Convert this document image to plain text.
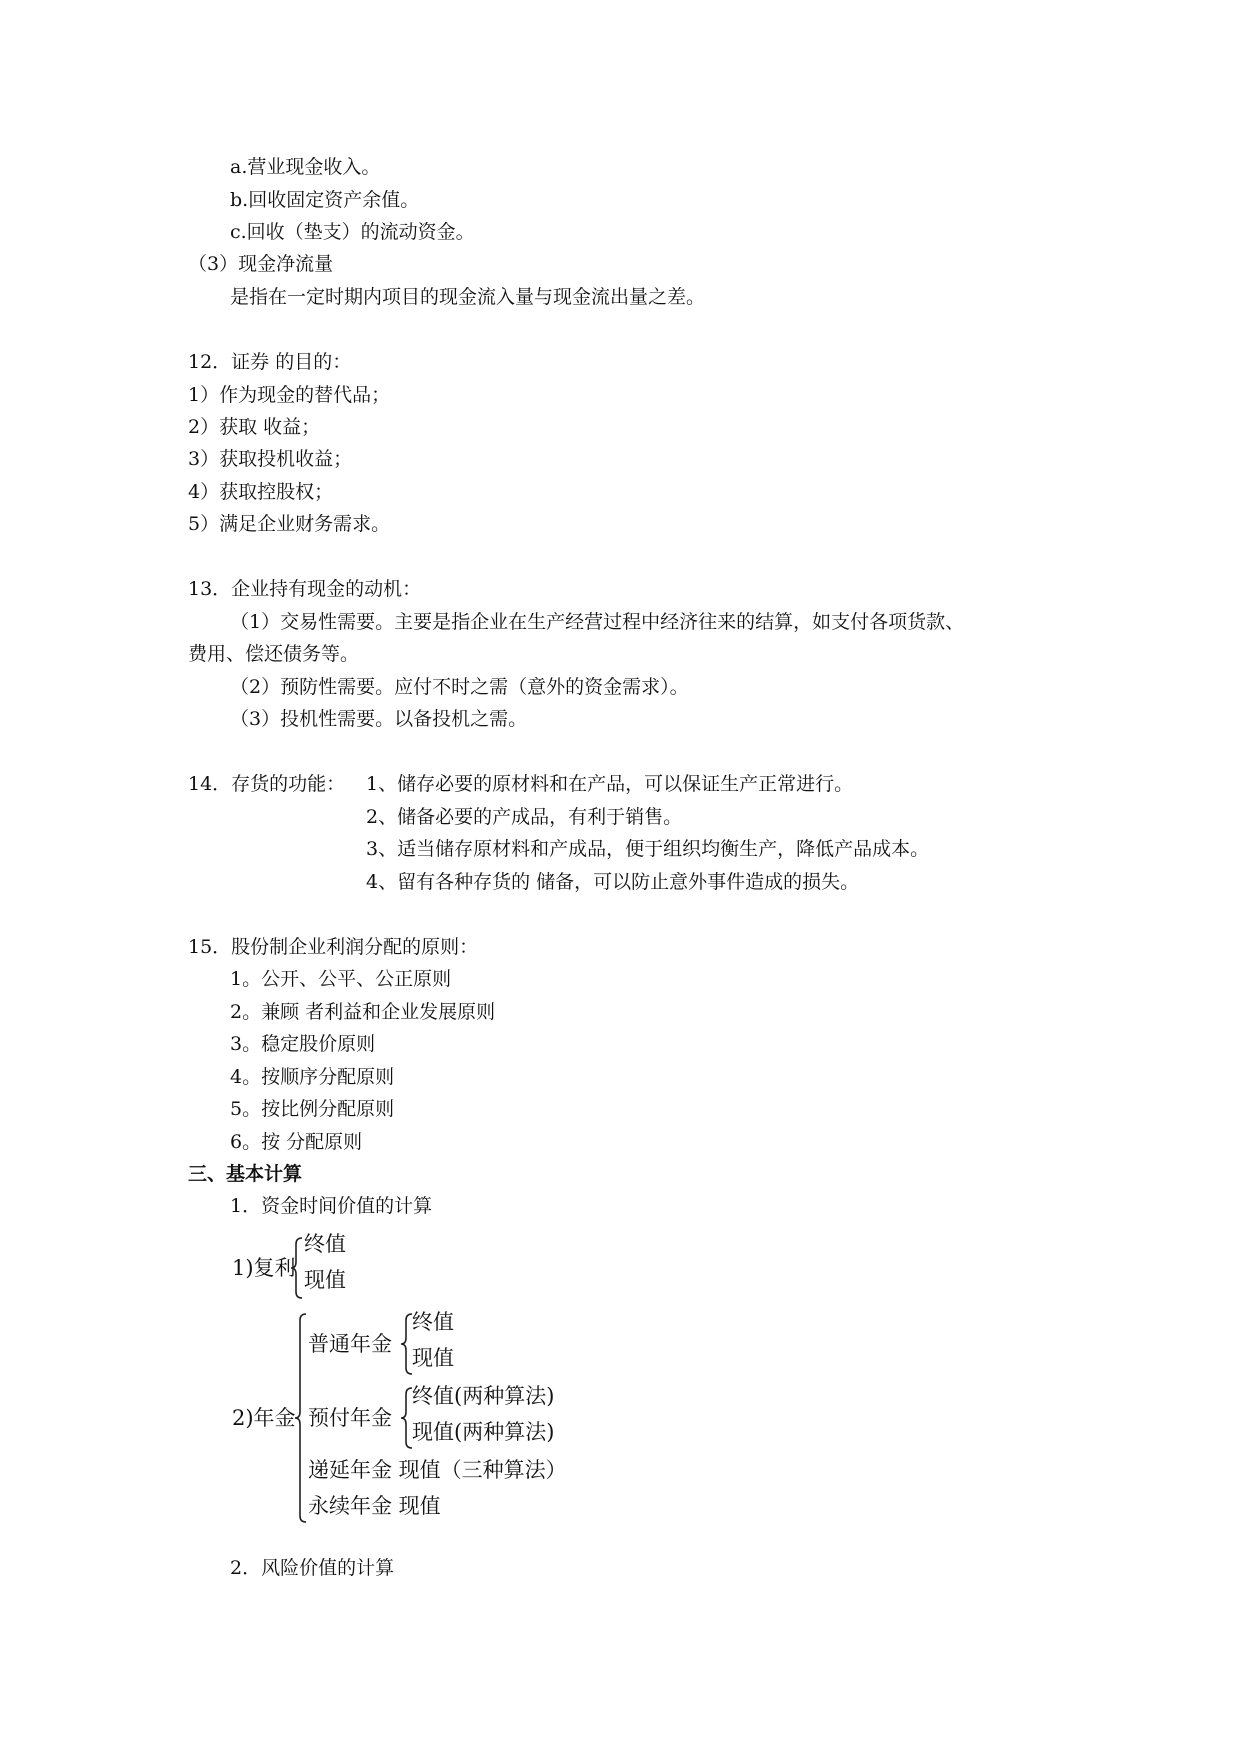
a.营业现金收入。
b.回收固定资产余值。
c.回收（垫支）的流动资金。
（3）现金净流量
是指在一定时期内项目的现金流入量与现金流出量之差。
12．证券 的目的：
1）作为现金的替代品；
2）获取 收益；
3）获取投机收益；
4）获取控股权；
5）满足企业财务需求。
13．企业持有现金的动机：
（1）交易性需要。主要是指企业在生产经营过程中经济往来的结算，如支付各项货款、
费用、偿还债务等。
（2）预防性需要。应付不时之需（意外的资金需求）。
（3）投机性需要。以备投机之需。
14．存货的功能： 1、储存必要的原材料和在产品，可以保证生产正常进行。
2、储备必要的产成品，有利于销售。
3、适当储存原材料和产成品，便于组织均衡生产，降低产品成本。
4、留有各种存货的 储备，可以防止意外事件造成的损失。
15．股份制企业利润分配的原则：
1。公开、公平、公正原则
2。兼顾 者利益和企业发展原则
3。稳定股价原则
4。按顺序分配原则
5。按比例分配原则
6。按 分配原则
三、基本计算
1．资金时间价值的计算
1)复利
终值
现值
2)年金
普通年金
终值
现值
预付年金
终值(两种算法)
现值(两种算法)
递延年金 现值（三种算法）
永续年金 现值
2．风险价值的计算
